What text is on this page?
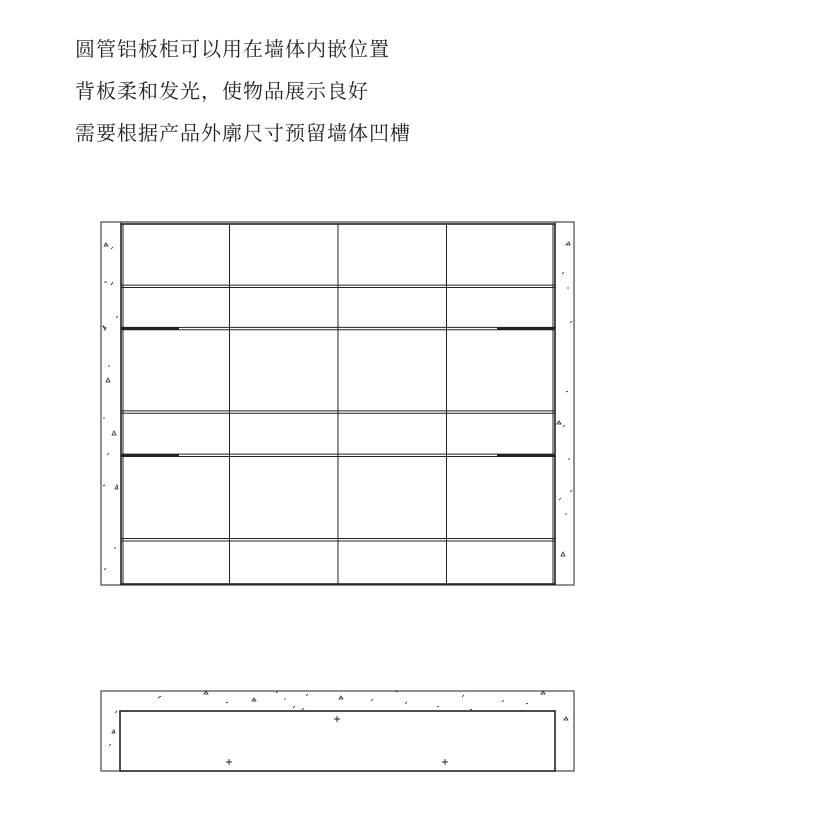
圆管铝板柜可以用在墙体内嵌位置
背板柔和发光，使物品展示良好
需要根据产品外廓尺寸预留墙体凹槽
